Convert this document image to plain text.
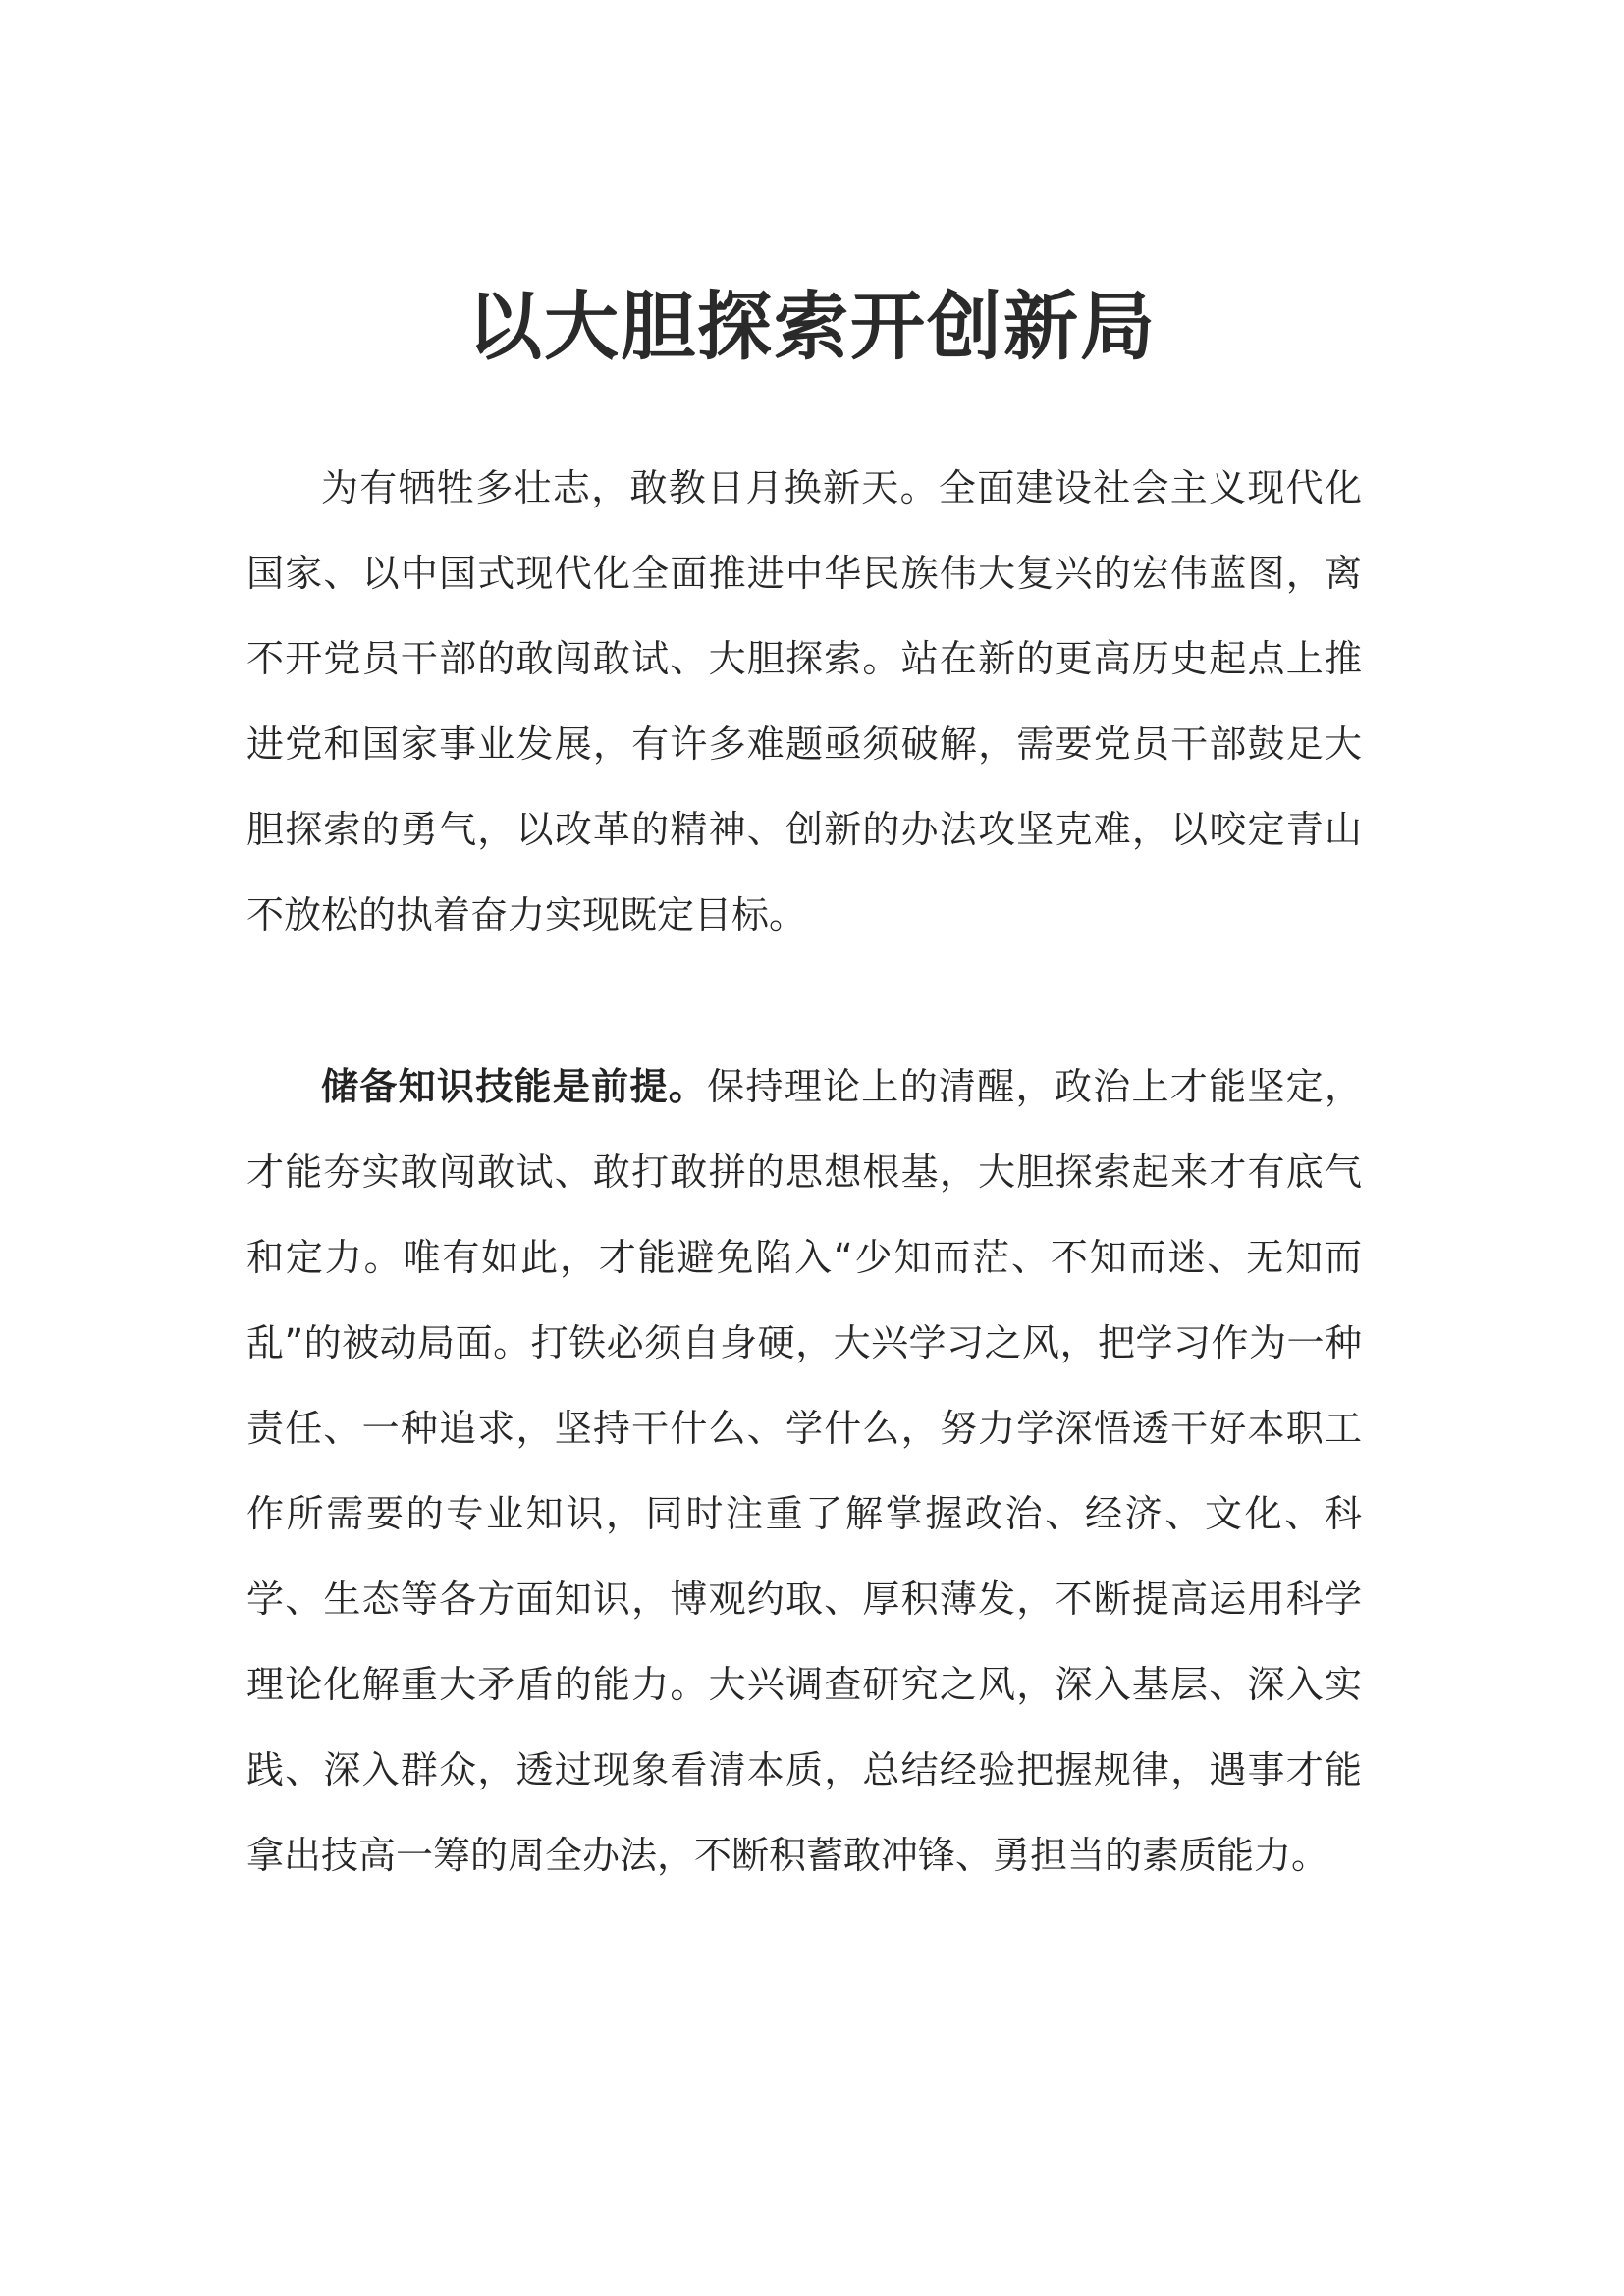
以大胆探索开创新局

为有牺牲多壮志，敢教日月换新天。全面建设社会主义现代化国家、以中国式现代化全面推进中华民族伟大复兴的宏伟蓝图，离不开党员干部的敢闯敢试、大胆探索。站在新的更高历史起点上推进党和国家事业发展，有许多难题亟须破解，需要党员干部鼓足大胆探索的勇气，以改革的精神、创新的办法攻坚克难，以咬定青山不放松的执着奋力实现既定目标。

储备知识技能是前提。保持理论上的清醒，政治上才能坚定，才能夯实敢闯敢试、敢打敢拼的思想根基，大胆探索起来才有底气和定力。唯有如此，才能避免陷入“少知而茫、不知而迷、无知而乱”的被动局面。打铁必须自身硬，大兴学习之风，把学习作为一种责任、一种追求，坚持干什么、学什么，努力学深悟透干好本职工作所需要的专业知识，同时注重了解掌握政治、经济、文化、科学、生态等各方面知识，博观约取、厚积薄发，不断提高运用科学理论化解重大矛盾的能力。大兴调查研究之风，深入基层、深入实践、深入群众，透过现象看清本质，总结经验把握规律，遇事才能拿出技高一筹的周全办法，不断积蓄敢冲锋、勇担当的素质能力。
